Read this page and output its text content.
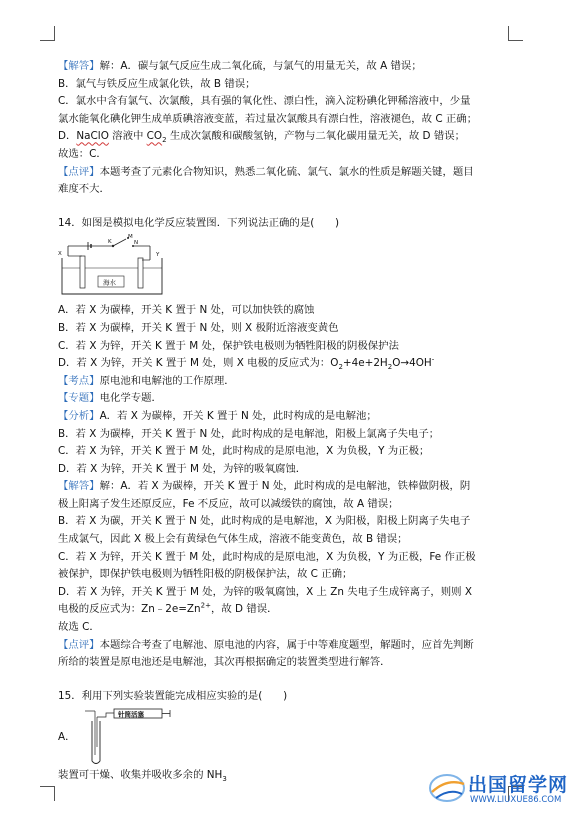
【解答】解：A．碳与氯气反应生成二氧化硫，与氯气的用量无关，故 A 错误；
B．氯气与铁反应生成氯化铁，故 B 错误；
C．氯水中含有氯气、次氯酸，具有强的氧化性、漂白性，滴入淀粉碘化钾稀溶液中，少量
氯水能氧化碘化钾生成单质碘溶液变蓝，若过量次氯酸具有漂白性，溶液褪色，故 C 正确；
D．NaClO 溶液中 $CO_2$ 生成次氯酸和碳酸氢钠，产物与二氧化碳用量无关，故 D 错误；
故选：C．
【点评】本题考查了元素化合物知识，熟悉二氧化硫、氯气、氯水的性质是解题关键，题目
难度不大．
14．如图是模拟电化学反应装置图．下列说法正确的是(　　)
海水
M
N
K
X	Y
A．若 X 为碳棒，开关 K 置于 N 处，可以加快铁的腐蚀
B．若 X 为碳棒，开关 K 置于 N 处，则 X 极附近溶液变黄色
C．若 X 为锌，开关 K 置于 M 处，保护铁电极则为牺牲阳极的阴极保护法
D．若 X 为锌，开关 K 置于 M 处，则 X 电极的反应式为：$O_2+4e+2H_2O\to 4OH^-$
【考点】原电池和电解池的工作原理．
【专题】电化学专题．
【分析】A．若 X 为碳棒，开关 K 置于 N 处，此时构成的是电解池；
B．若 X 为碳棒，开关 K 置于 N 处，此时构成的是电解池，阳极上氯离子失电子；
C．若 X 为锌，开关 K 置于 M 处，此时构成的是原电池，X 为负极，Y 为正极；
D．若 X 为锌，开关 K 置于 M 处，为锌的吸氧腐蚀．
【解答】解：A．若 X 为碳棒，开关 K 置于 N 处，此时构成的是电解池，铁棒做阴极，阴
极上阳离子发生还原反应，Fe 不反应，故可以减缓铁的腐蚀，故 A 错误；
B．若 X 为碳，开关 K 置于 N 处，此时构成的是电解池，X 为阳极，阳极上阴离子失电子
生成氯气，因此 X 极上会有黄绿色气体生成，溶液不能变黄色，故 B 错误；
C．若 X 为锌，开关 K 置于 M 处，此时构成的是原电池，X 为负极，Y 为正极，Fe 作正极
被保护，即保护铁电极则为牺牲阳极的阴极保护法，故 C 正确；
D．若 X 为锌，开关 K 置于 M 处，为锌的吸氧腐蚀，X 上 Zn 失电子生成锌离子，则则 X
电极的反应式为：$Zn﹣2e=Zn^{2+}$，故 D 错误．
故选 C．
【点评】本题综合考查了电解池、原电池的内容，属于中等难度题型，解题时，应首先判断
所给的装置是原电池还是电解池，其次再根据确定的装置类型进行解答．
15．利用下列实验装置能完成相应实验的是(　　)
A．
针筒活塞
装置可干燥、收集并吸收多余的 $NH_3$	出国留学网
WWW.LIUXUE86.COM
